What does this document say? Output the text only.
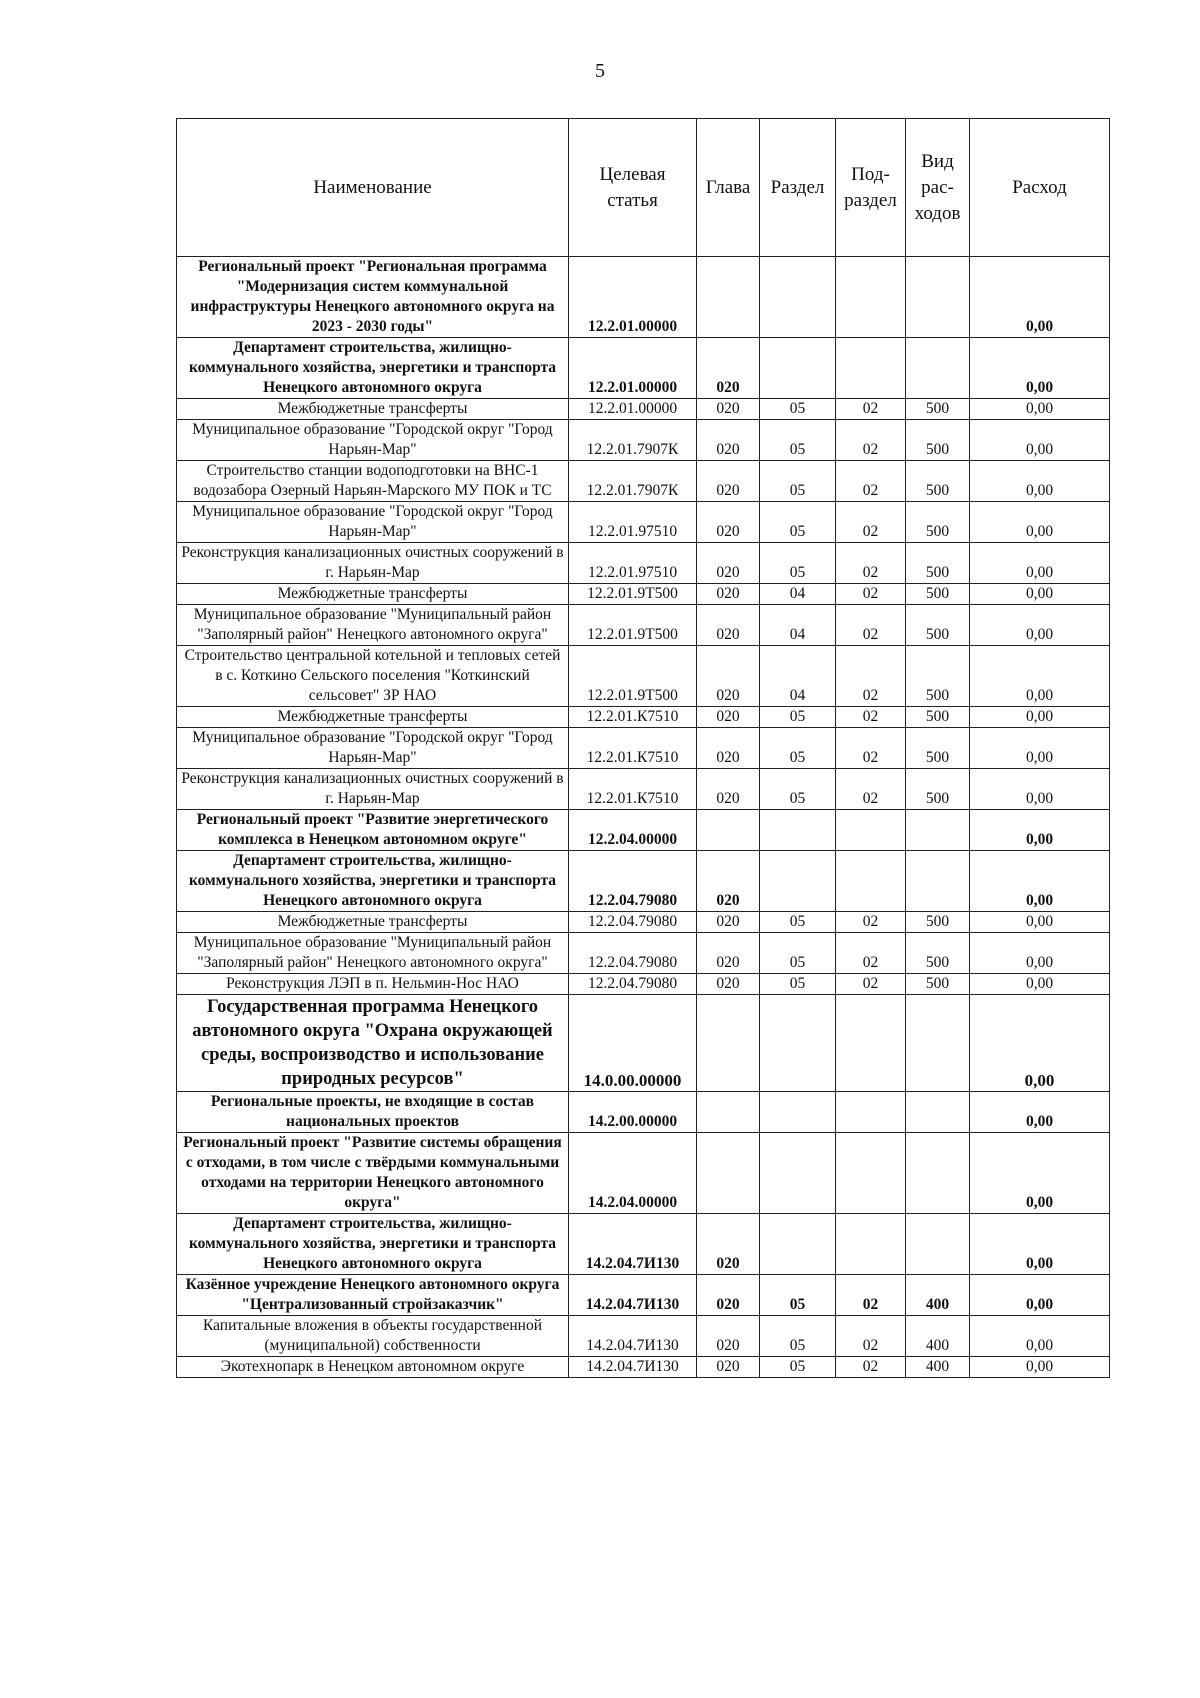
5
Наименование	Целевая статья	Глава	Раздел	Под-раздел	Вид рас-ходов	Расход
Региональный проект "Региональная программа "Модернизация систем коммунальной инфраструктуры Ненецкого автономного округа на 2023 - 2030 годы"	12.2.01.00000					0,00
Департамент строительства, жилищно-коммунального хозяйства, энергетики и транспорта Ненецкого автономного округа	12.2.01.00000	020				0,00
Межбюджетные трансферты	12.2.01.00000	020	05	02	500	0,00
Муниципальное образование "Городской округ "Город Нарьян-Мар"	12.2.01.7907К	020	05	02	500	0,00
Строительство станции водоподготовки на ВНС-1 водозабора Озерный Нарьян-Марского МУ ПОК и ТС	12.2.01.7907К	020	05	02	500	0,00
Муниципальное образование "Городской округ "Город Нарьян-Мар"	12.2.01.97510	020	05	02	500	0,00
Реконструкция канализационных очистных сооружений в г. Нарьян-Мар	12.2.01.97510	020	05	02	500	0,00
Межбюджетные трансферты	12.2.01.9Т500	020	04	02	500	0,00
Муниципальное образование "Муниципальный район "Заполярный район" Ненецкого автономного округа"	12.2.01.9Т500	020	04	02	500	0,00
Строительство центральной котельной и тепловых сетей в с. Коткино Сельского поселения "Коткинский сельсовет" ЗР НАО	12.2.01.9Т500	020	04	02	500	0,00
Межбюджетные трансферты	12.2.01.К7510	020	05	02	500	0,00
Муниципальное образование "Городской округ "Город Нарьян-Мар"	12.2.01.К7510	020	05	02	500	0,00
Реконструкция канализационных очистных сооружений в г. Нарьян-Мар	12.2.01.К7510	020	05	02	500	0,00
Региональный проект "Развитие энергетического комплекса в Ненецком автономном округе"	12.2.04.00000					0,00
Департамент строительства, жилищно-коммунального хозяйства, энергетики и транспорта Ненецкого автономного округа	12.2.04.79080	020				0,00
Межбюджетные трансферты	12.2.04.79080	020	05	02	500	0,00
Муниципальное образование "Муниципальный район "Заполярный район" Ненецкого автономного округа"	12.2.04.79080	020	05	02	500	0,00
Реконструкция ЛЭП в п. Нельмин-Нос НАО	12.2.04.79080	020	05	02	500	0,00
Государственная программа Ненецкого автономного округа "Охрана окружающей среды, воспроизводство и использование природных ресурсов"	14.0.00.00000					0,00
Региональные проекты, не входящие в состав национальных проектов	14.2.00.00000					0,00
Региональный проект "Развитие системы обращения с отходами, в том числе с твёрдыми коммунальными отходами на территории Ненецкого автономного округа"	14.2.04.00000					0,00
Департамент строительства, жилищно-коммунального хозяйства, энергетики и транспорта Ненецкого автономного округа	14.2.04.7И130	020				0,00
Казённое учреждение Ненецкого автономного округа "Централизованный стройзаказчик"	14.2.04.7И130	020	05	02	400	0,00
Капитальные вложения в объекты государственной (муниципальной) собственности	14.2.04.7И130	020	05	02	400	0,00
Экотехнопарк в Ненецком автономном округе	14.2.04.7И130	020	05	02	400	0,00
